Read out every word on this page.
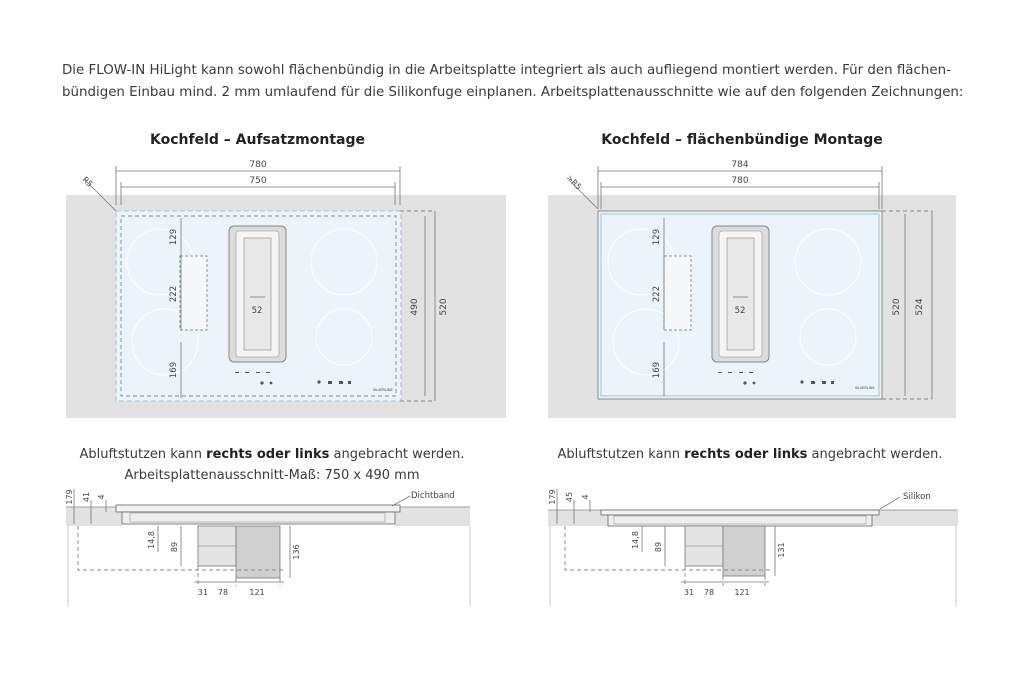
Die FLOW-IN HiLight kann sowohl flächenbündig in die Arbeitsplatte integriert als auch aufliegend montiert werden. Für den flächen-
bündigen Einbau mind. 2 mm umlaufend für die Silikonfuge einplanen. Arbeitsplattenausschnitte wie auf den folgenden Zeichnungen:

Kochfeld – Aufsatzmontage	Kochfeld – flächenbündige Montage
Abluftstutzen kann rechts oder links angebracht werden.
Arbeitsplattenausschnitt-Maß: 750 x 490 mm
Abluftstutzen kann rechts oder links angebracht werden.
R5
780
750
490 520
129
222
169
52
SILVERLINE
>R5
784
780
520 524
129
222
169
52
SILVERLINE
179 41 4
14,8 89	136
31 78	121
Dichtband	179 45 4
14,8 89	131
31 78	121
Silikon
